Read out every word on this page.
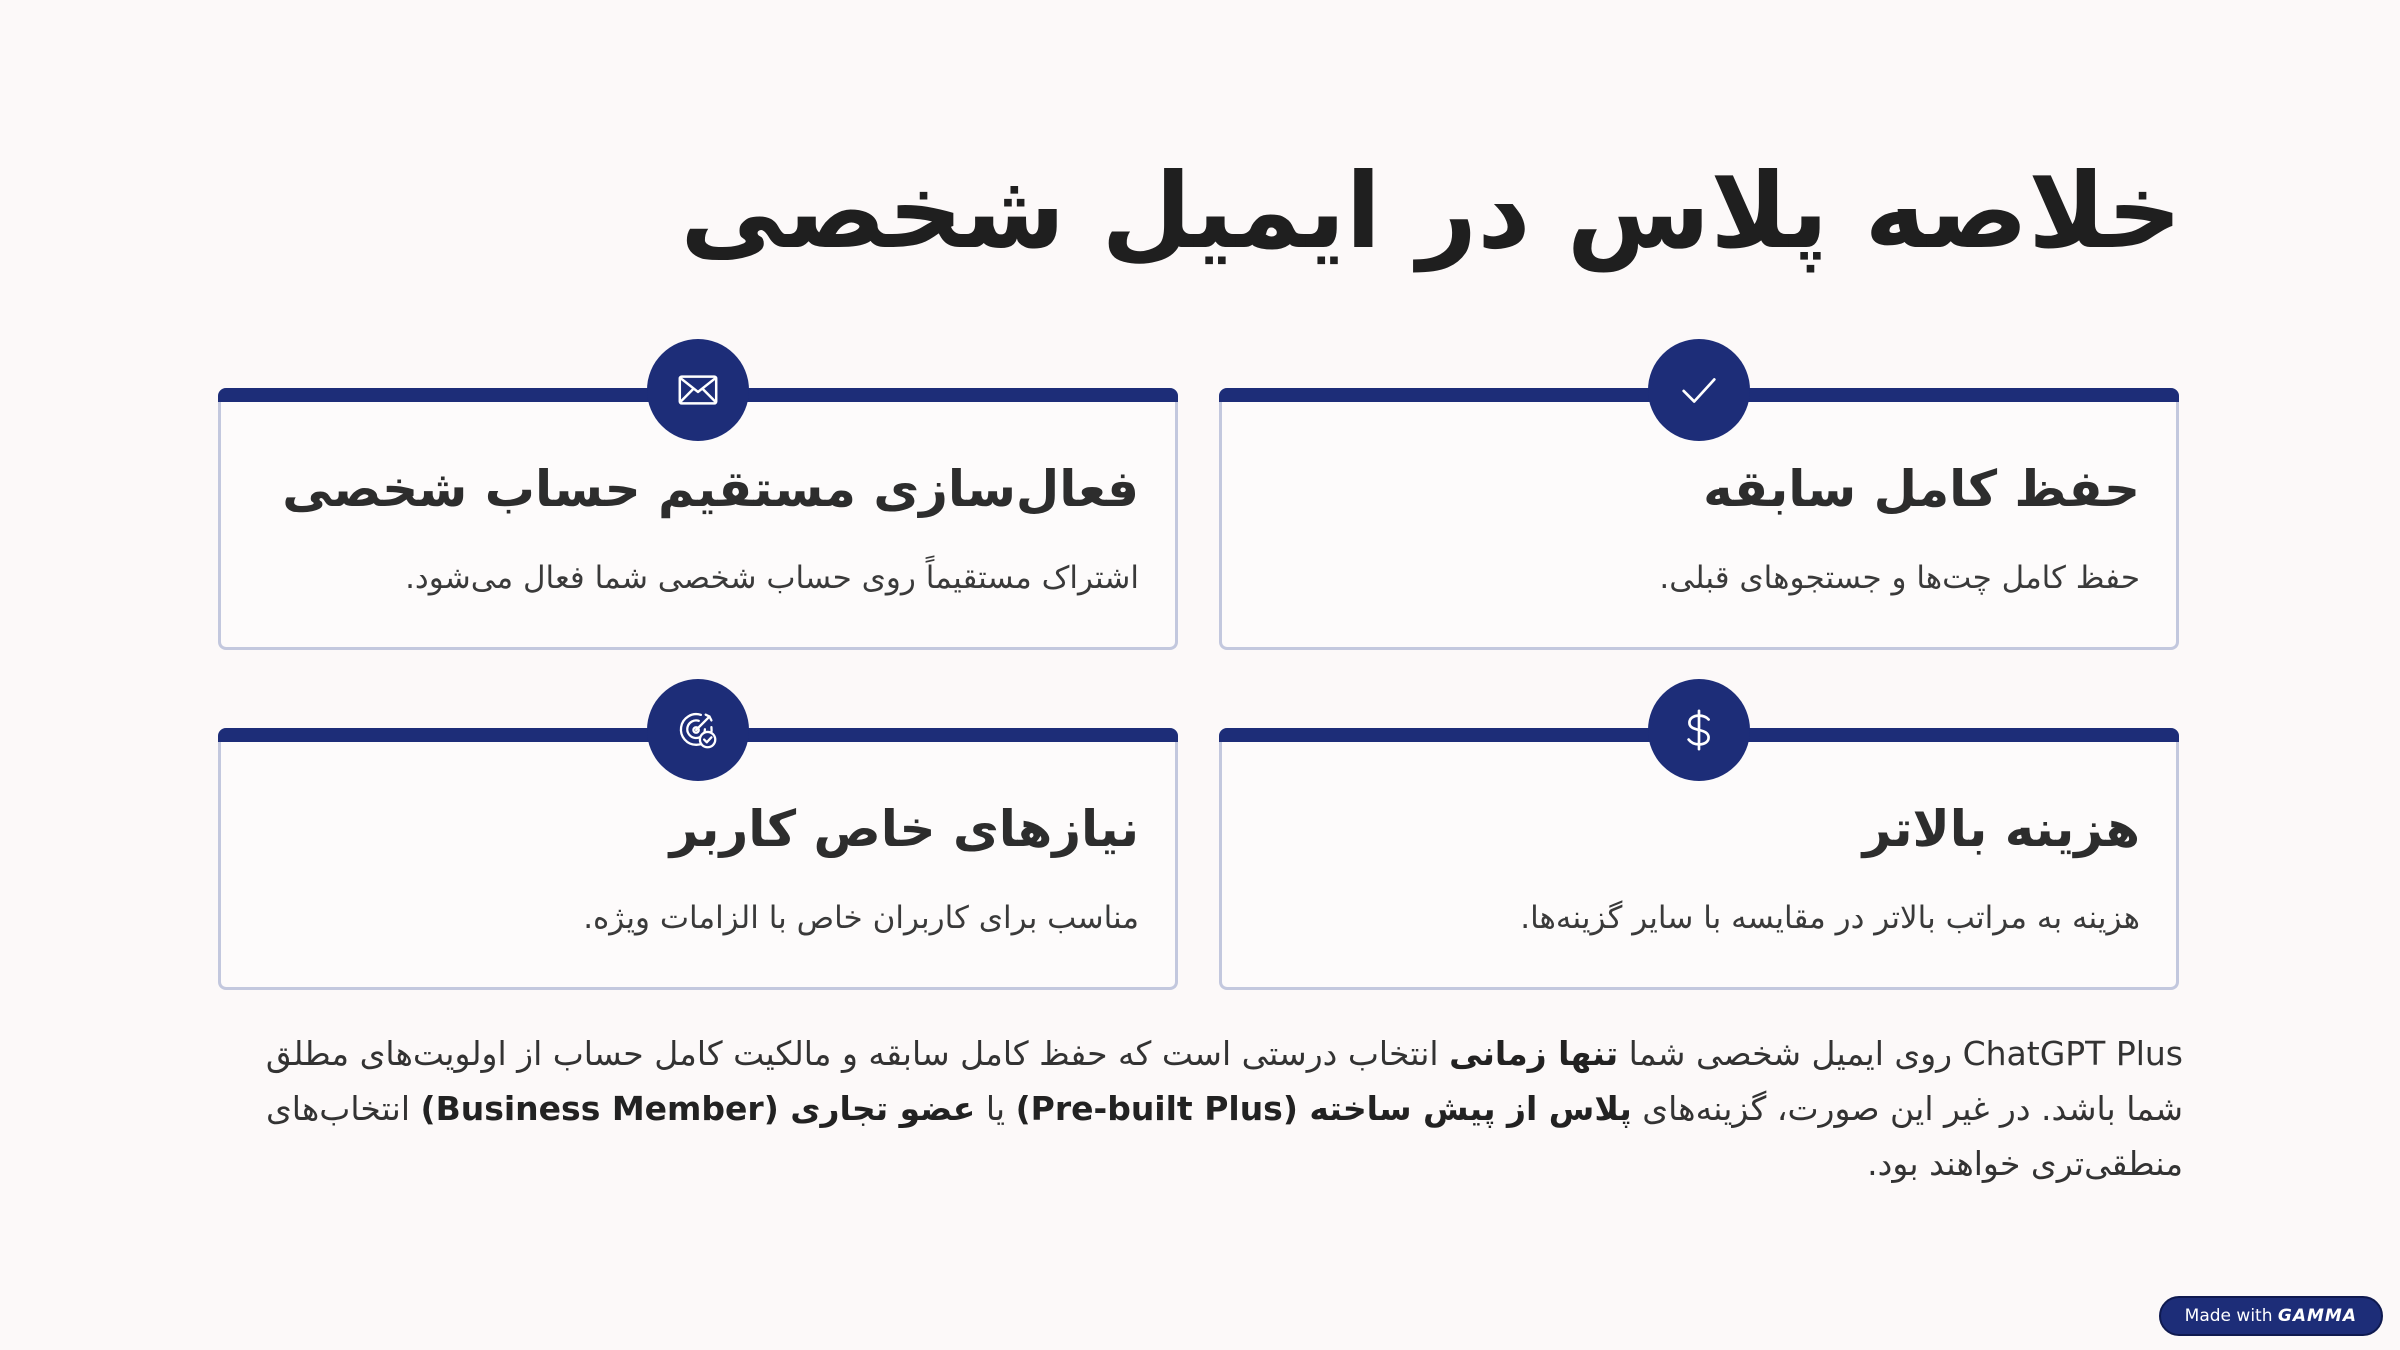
خلاصه پلاس در ایمیل شخصی
حفظ کامل سابقه

حفظ کامل چت‌ها و جستجوهای قبلی.

فعال‌سازی مستقیم حساب شخصی

اشتراک مستقیماً روی حساب شخصی شما فعال می‌شود.

هزینه بالاتر

هزینه به مراتب بالاتر در مقایسه با سایر گزینه‌ها.

نیازهای خاص کاربر

مناسب برای کاربران خاص با الزامات ویژه.

ChatGPT Plus روی ایمیل شخصی شما تنها زمانی انتخاب درستی است که حفظ کامل سابقه و مالکیت کامل حساب از اولویت‌های مطلق شما باشد. در غیر این صورت، گزینه‌های پلاس از پیش ساخته (Pre-built Plus) یا عضو تجاری (Business Member) انتخاب‌های منطقی‌تری خواهند بود.

Made with GAMMA
